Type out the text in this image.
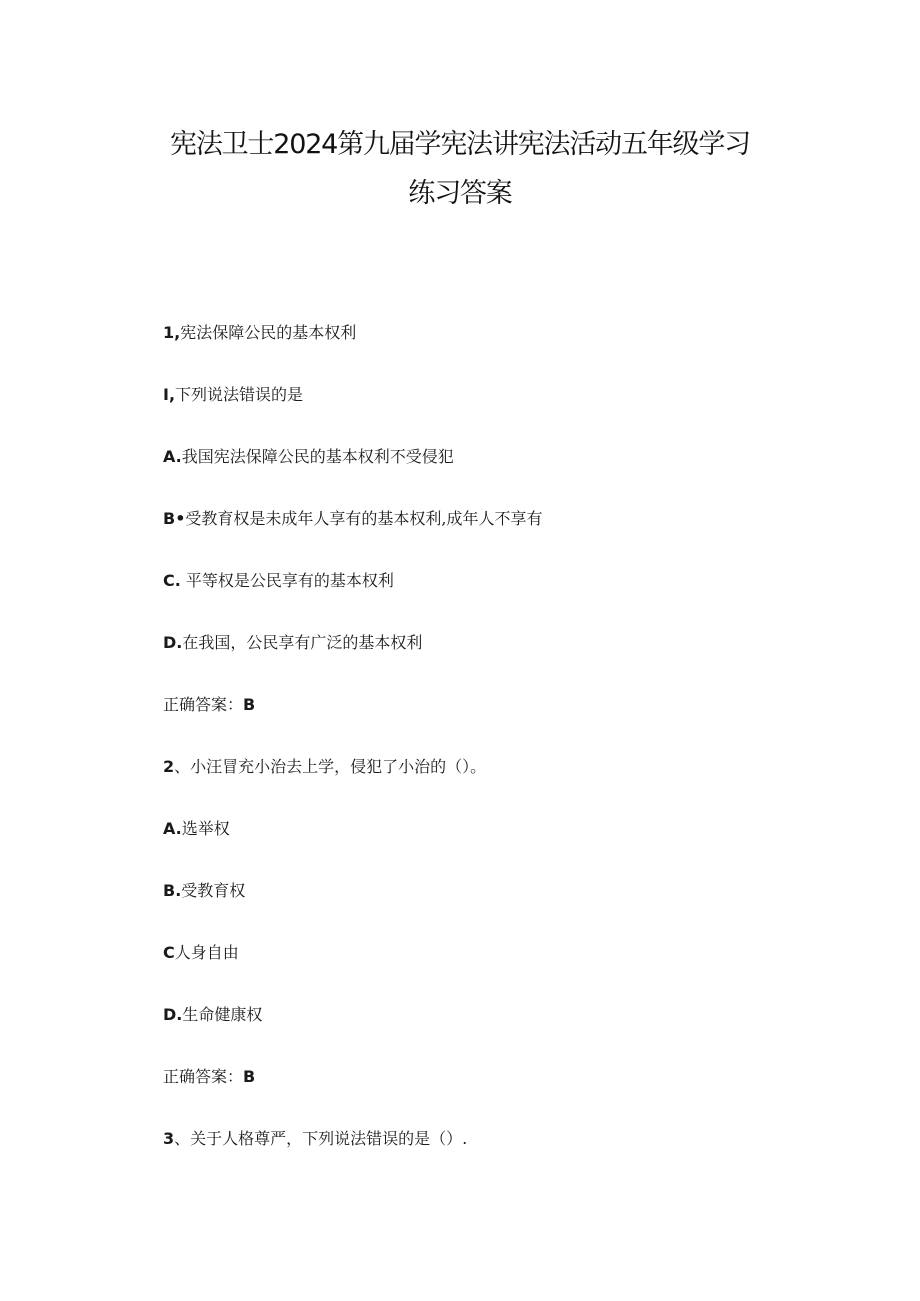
宪法卫士2024第九届学宪法讲宪法活动五年级学习
练习答案
1,宪法保障公民的基本权利
I,下列说法错误的是
A.我国宪法保障公民的基本权利不受侵犯
B•受教育权是未成年人享有的基本权利,成年人不享有
C. 平等权是公民享有的基本权利
D.在我国，公民享有广泛的基本权利
正确答案：B
2、小汪冒充小治去上学，侵犯了小治的（）。
A.选举权
B.受教育权
C人身自由
D.生命健康权
正确答案：B
3、关于人格尊严，下列说法错误的是（）.
